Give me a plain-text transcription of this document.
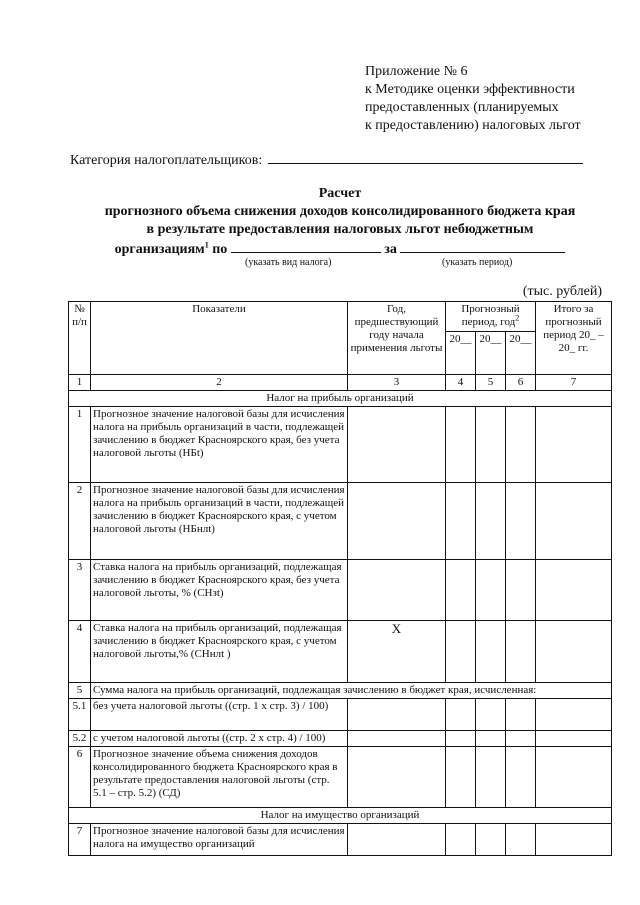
Приложение № 6
к Методике оценки эффективности
предоставленных (планируемых
к предоставлению) налоговых льгот
Категория налогоплательщиков:
Расчет
прогнозного объема снижения доходов консолидированного бюджета края
в результате предоставления налоговых льгот небюджетным
организациям$^1$ по	за
(указать вид налога)	(указать период)
(тыс. рублей)
№ п/п	Показатели	Год, предшествующий году начала применения льготы	Прогнозный период, год$^2$			Итого за прогнозный период 20_ – 20_ гг.
			20__	20__	20__	
1	2	3	4	5	6	7
Налог на прибыль организаций						
1	Прогнозное значение налоговой базы для исчисления налога на прибыль организаций в части, подлежащей зачислению в бюджет Красноярского края, без учета налоговой льготы (НБt)					
2	Прогнозное значение налоговой базы для исчисления налога на прибыль организаций в части, подлежащей зачислению в бюджет Красноярского края, с учетом налоговой льготы (НБнлt)					
3	Ставка налога на прибыль организаций, подлежащая зачислению в бюджет Красноярского края, без учета налоговой льготы, % (СНзt)					
4	Ставка налога на прибыль организаций, подлежащая зачислению в бюджет Красноярского края, с учетом налоговой льготы,% (СНнлt )	X				
5	Сумма налога на прибыль организаций, подлежащая зачислению в бюджет края, исчисленная:					
5.1	без учета налоговой льготы ((стр. 1 х стр. 3) / 100)					
5.2	с учетом налоговой льготы ((стр. 2 х стр. 4) / 100)					
6	Прогнозное значение объема снижения доходов консолидированного бюджета Красноярского края в результате предоставления налоговой льготы (стр. 5.1 – стр. 5.2) (СД)					
Налог на имущество организаций						
7	Прогнозное значение налоговой базы для исчисления налога на имущество организаций					
